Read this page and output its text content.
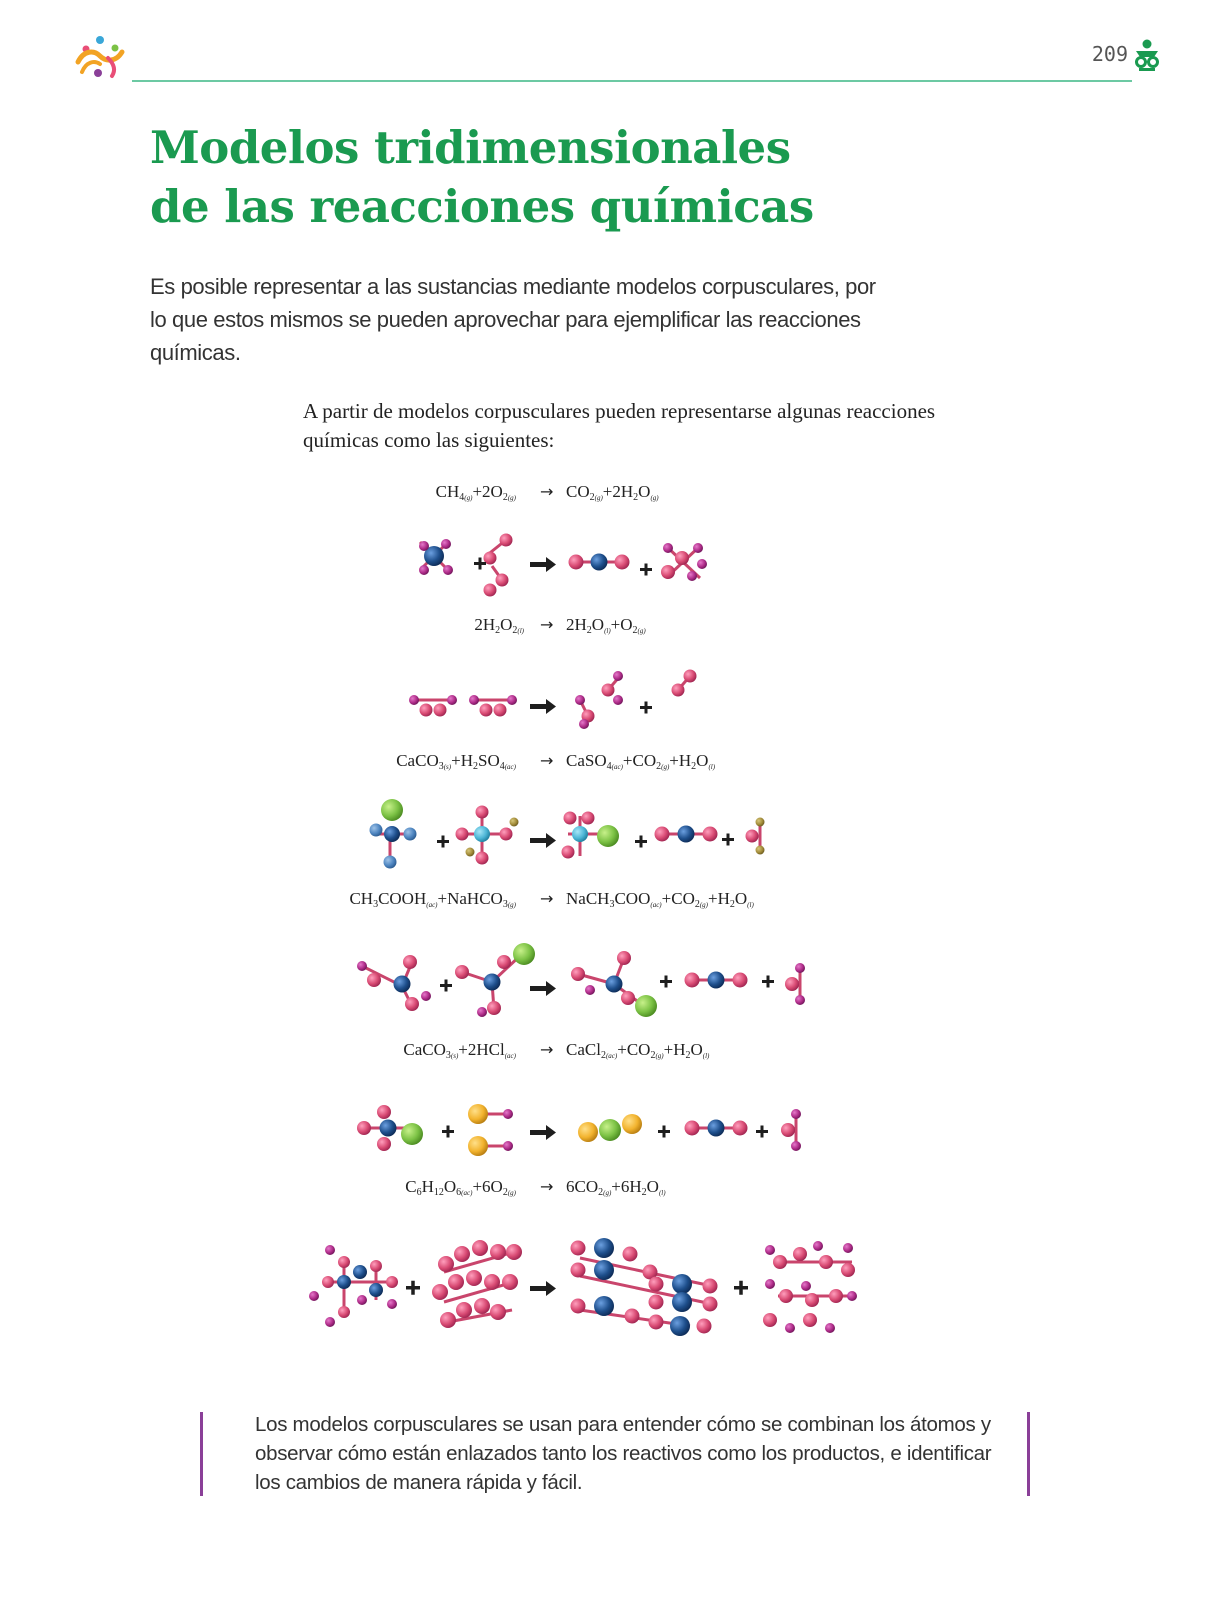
209
Modelos tridimensionales
de las reacciones químicas

Es posible representar a las sustancias mediante modelos corpusculares, por lo que estos mismos se pueden aprovechar para ejemplificar las reacciones químicas.

A partir de modelos corpusculares pueden representarse algunas reacciones químicas como las siguientes:

$CH_{4(g)}+2O_{2(g)} \to CO_{2(g)}+2H_2O_{(g)}$
$2H_2O_{2(l)} \to 2H_2O_{(l)}+O_{2(g)}$
$CaCO_{3(s)}+H_2SO_{4(ac)}$ → $CaSO_{4(ac)}+CO_{2(g)}+H_2O_{(l)}$
$CH_3COOH_{(ac)}+NaHCO_{3(g)}$ → $NaCH_3COO_{(ac)}+CO_{2(g)}+H_2O_{(l)}$
CaCO$_{3(s)}$+2HCl$_{(ac)}$ → $CaCl_{2(ac)}+CO_{2(g)}+H_2O_{(l)}$
$C_6H_{12}O_{6(ac)}+6O_{2(g)} \to 6CO_{2(g)}+6H_2O_{(l)}$

Los modelos corpusculares se usan para entender cómo se combinan los átomos y observar cómo están enlazados tanto los reactivos como los productos, e identificar los cambios de manera rápida y fácil.
